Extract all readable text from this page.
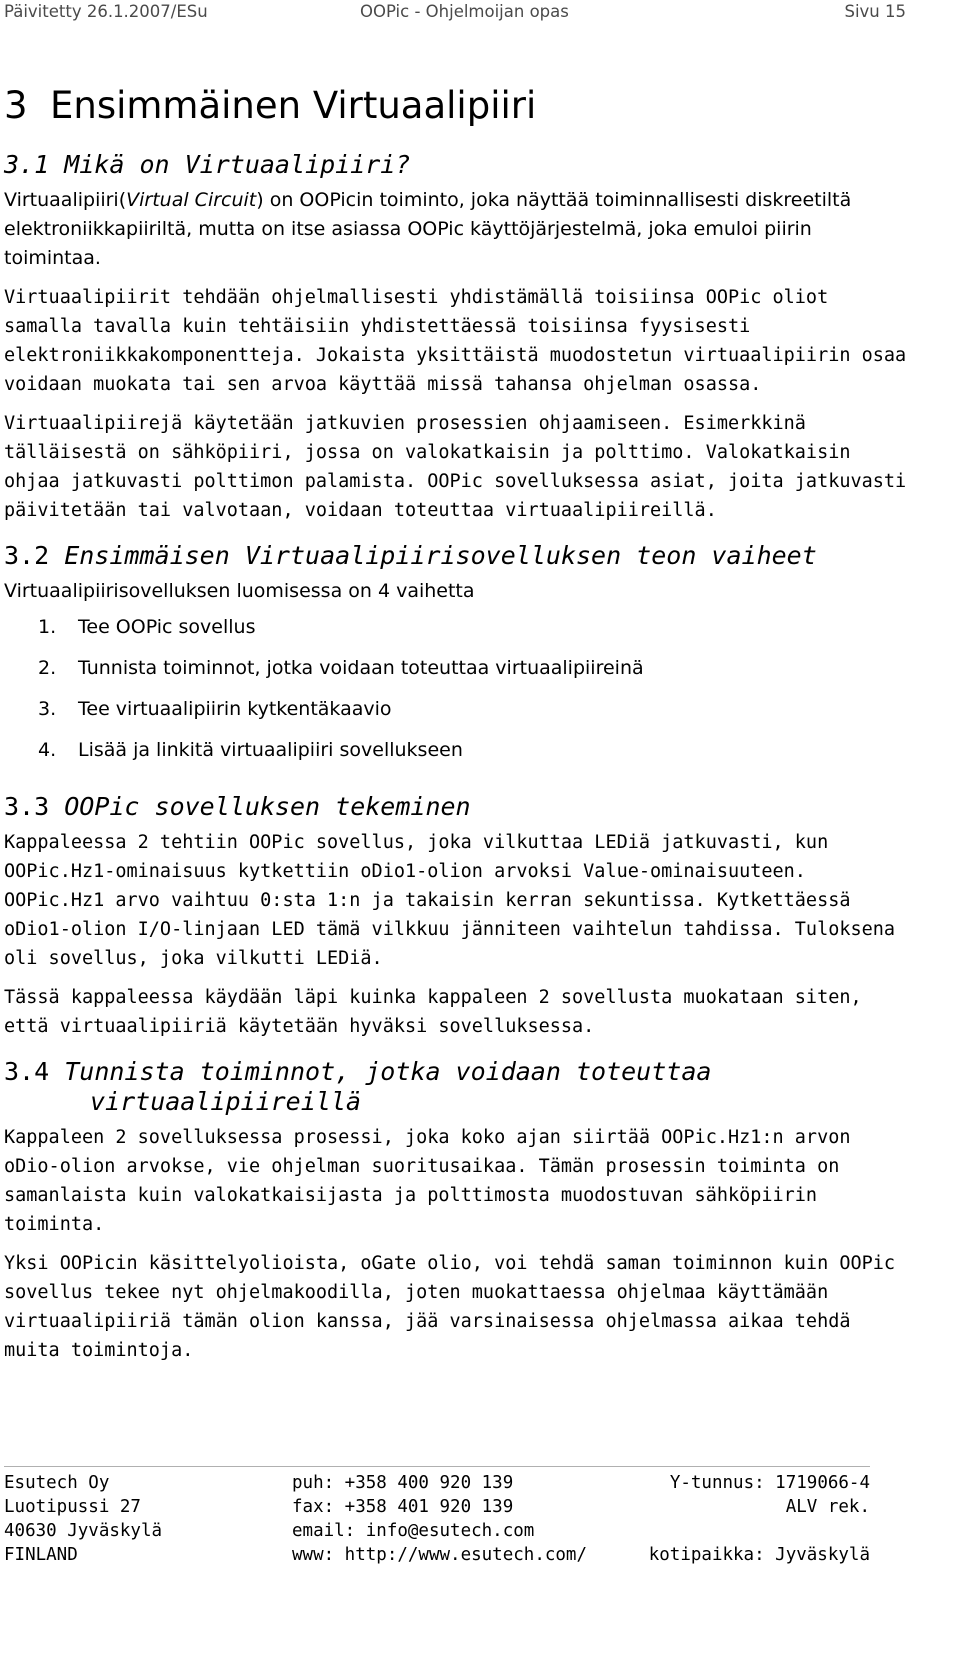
Päivitetty 26.1.2007/ESu	OOPic - Ohjelmoijan opas	Sivu 15
3 Ensimmäinen Virtuaalipiiri
3.1 Mikä on Virtuaalipiiri?

Virtuaalipiiri(Virtual Circuit) on OOPicin toiminto, joka näyttää toiminnallisesti diskreetiltä elektroniikkapiiriltä, mutta on itse asiassa OOPic käyttöjärjestelmä, joka emuloi piirin toimintaa.

Virtuaalipiirit tehdään ohjelmallisesti yhdistämällä toisiinsa OOPic oliot samalla tavalla kuin tehtäisiin yhdistettäessä toisiinsa fyysisesti elektroniikkakomponentteja. Jokaista yksittäistä muodostetun virtuaalipiirin osaa voidaan muokata tai sen arvoa käyttää missä tahansa ohjelman osassa.

Virtuaalipiirejä käytetään jatkuvien prosessien ohjaamiseen. Esimerkkinä tälläisestä on sähköpiiri, jossa on valokatkaisin ja polttimo. Valokatkaisin ohjaa jatkuvasti polttimon palamista. OOPic sovelluksessa asiat, joita jatkuvasti päivitetään tai valvotaan, voidaan toteuttaa virtuaalipiireillä.

3.2 Ensimmäisen Virtuaalipiirisovelluksen teon vaiheet

Virtuaalipiirisovelluksen luomisessa on 4 vaihetta

1. Tee OOPic sovellus
2. Tunnista toiminnot, jotka voidaan toteuttaa virtuaalipiireinä
3. Tee virtuaalipiirin kytkentäkaavio
4. Lisää ja linkitä virtuaalipiiri sovellukseen
3.3 OOPic sovelluksen tekeminen

Kappaleessa 2 tehtiin OOPic sovellus, joka vilkuttaa LEDiä jatkuvasti, kun OOPic.Hz1-ominaisuus kytkettiin oDio1-olion arvoksi Value-ominaisuuteen. OOPic.Hz1 arvo vaihtuu 0:sta 1:n ja takaisin kerran sekuntissa. Kytkettäessä oDio1-olion I/O-linjaan LED tämä vilkkuu jänniteen vaihtelun tahdissa. Tuloksena oli sovellus, joka vilkutti LEDiä.

Tässä kappaleessa käydään läpi kuinka kappaleen 2 sovellusta muokataan siten, että virtuaalipiiriä käytetään hyväksi sovelluksessa.

3.4 Tunnista toiminnot, jotka voidaan toteuttaa
virtuaalipiireillä

Kappaleen 2 sovelluksessa prosessi, joka koko ajan siirtää OOPic.Hz1:n arvon oDio-olion arvokse, vie ohjelman suoritusaikaa. Tämän prosessin toiminta on samanlaista kuin valokatkaisijasta ja polttimosta muodostuvan sähköpiirin toiminta.

Yksi OOPicin käsittelyolioista, oGate olio, voi tehdä saman toiminnon kuin OOPic sovellus tekee nyt ohjelmakoodilla, joten muokattaessa ohjelmaa käyttämään virtuaalipiiriä tämän olion kanssa, jää varsinaisessa ohjelmassa aikaa tehdä muita toimintoja.

Esutech Oy
Luotipussi 27
40630 Jyväskylä
FINLAND
puh: +358 400 920 139
fax: +358 401 920 139
email: info@esutech.com
www: http://www.esutech.com/
Y-tunnus: 1719066-4
ALV rek.

kotipaikka: Jyväskylä
